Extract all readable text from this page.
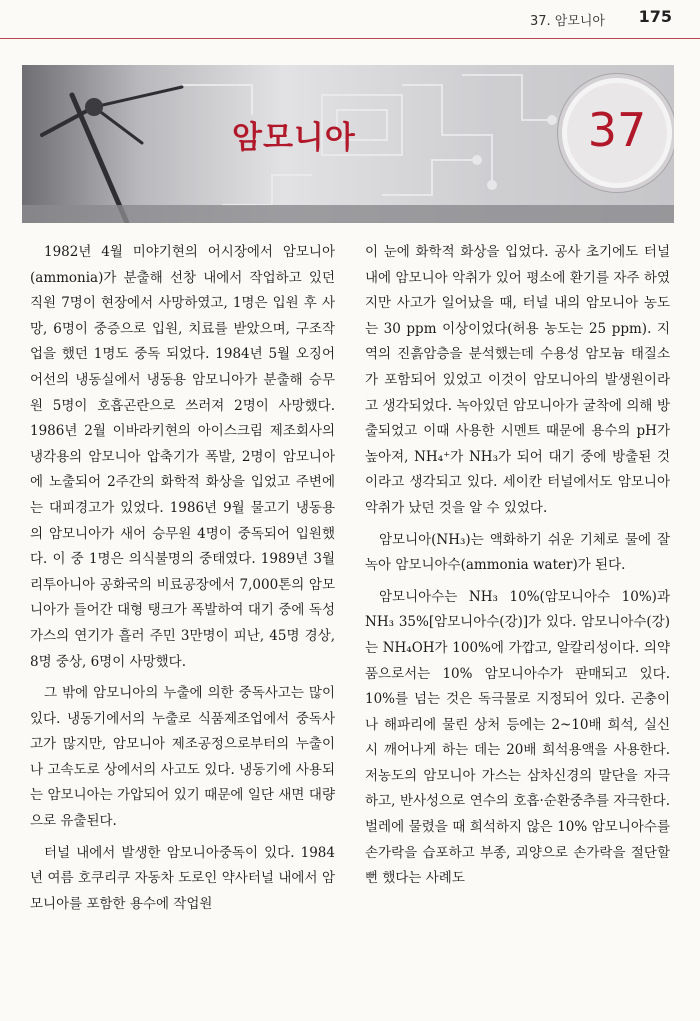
37. 암모니아 175
암모니아	37

1982년 4월 미야기현의 어시장에서 암모니아(ammonia)가 분출해 선창 내에서 작업하고 있던 직원 7명이 현장에서 사망하였고, 1명은 입원 후 사망, 6명이 중증으로 입원, 치료를 받았으며, 구조작업을 했던 1명도 중독 되었다. 1984년 5월 오징어 어선의 냉동실에서 냉동용 암모니아가 분출해 승무원 5명이 호흡곤란으로 쓰러져 2명이 사망했다. 1986년 2월 이바라키현의 아이스크림 제조회사의 냉각용의 암모니아 압축기가 폭발, 2명이 암모니아에 노출되어 2주간의 화학적 화상을 입었고 주변에는 대피경고가 있었다. 1986년 9월 물고기 냉동용의 암모니아가 새어 승무원 4명이 중독되어 입원했다. 이 중 1명은 의식불명의 중태였다. 1989년 3월 리투아니아 공화국의 비료공장에서 7,000톤의 암모니아가 들어간 대형 탱크가 폭발하여 대기 중에 독성가스의 연기가 흘러 주민 3만명이 피난, 45명 경상, 8명 중상, 6명이 사망했다.

그 밖에 암모니아의 누출에 의한 중독사고는 많이 있다. 냉동기에서의 누출로 식품제조업에서 중독사고가 많지만, 암모니아 제조공정으로부터의 누출이나 고속도로 상에서의 사고도 있다. 냉동기에 사용되는 암모니아는 가압되어 있기 때문에 일단 새면 대량으로 유출된다.

터널 내에서 발생한 암모니아중독이 있다. 1984년 여름 호쿠리쿠 자동차 도로인 약사터널 내에서 암모니아를 포함한 용수에 작업원

이 눈에 화학적 화상을 입었다. 공사 초기에도 터널내에 암모니아 악취가 있어 평소에 환기를 자주 하였지만 사고가 일어났을 때, 터널 내의 암모니아 농도는 30 ppm 이상이었다(허용 농도는 25 ppm). 지역의 진흙암층을 분석했는데 수용성 암모늄 태질소가 포함되어 있었고 이것이 암모니아의 발생원이라고 생각되었다. 녹아있던 암모니아가 굴착에 의해 방출되었고 이때 사용한 시멘트 때문에 용수의 pH가 높아져, NH₄⁺가 NH₃가 되어 대기 중에 방출된 것이라고 생각되고 있다. 세이칸 터널에서도 암모니아 악취가 났던 것을 알 수 있었다.

암모니아(NH₃)는 액화하기 쉬운 기체로 물에 잘 녹아 암모니아수(ammonia water)가 된다.

암모니아수는 NH₃ 10%(암모니아수 10%)과 NH₃ 35%[암모니아수(강)]가 있다. 암모니아수(강)는 NH₄OH가 100%에 가깝고, 알칼리성이다. 의약품으로서는 10% 암모니아수가 판매되고 있다. 10%를 넘는 것은 독극물로 지정되어 있다. 곤충이나 해파리에 물린 상처 등에는 2~10배 희석, 실신 시 깨어나게 하는 데는 20배 희석용액을 사용한다. 저농도의 암모니아 가스는 삼차신경의 말단을 자극하고, 반사성으로 연수의 호흡·순환중추를 자극한다. 벌레에 물렸을 때 희석하지 않은 10% 암모니아수를 손가락을 습포하고 부종, 괴양으로 손가락을 절단할 뻔 했다는 사례도
